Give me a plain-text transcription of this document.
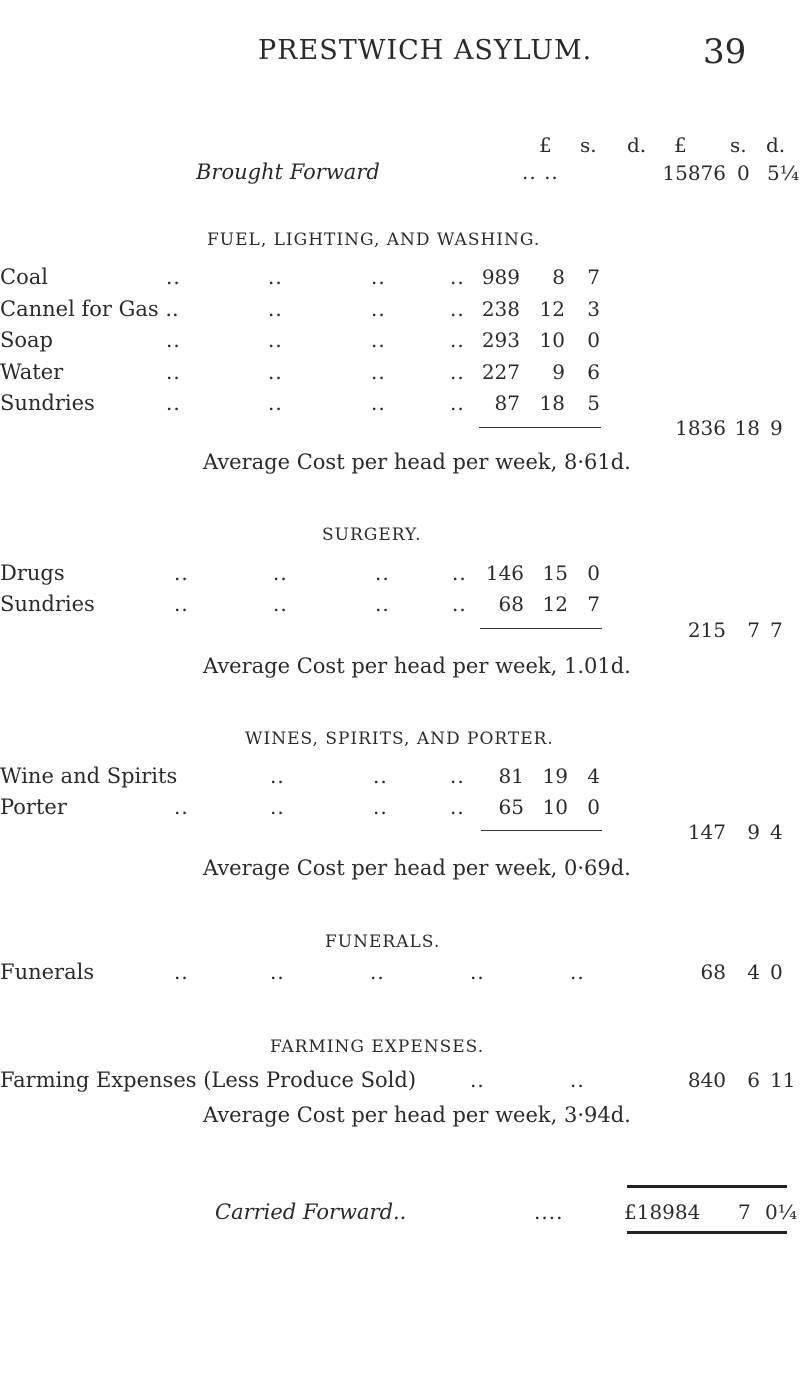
PRESTWICH ASYLUM.	39
£ s. d. £ s. d.
Brought Forward	.. ..	15876 0 5¼
FUEL, LIGHTING, AND WASHING.
Coal	..	..	..	.. 989	8	7
Cannel for Gas ..	..	..	.. 238 12	3
Soap	..	..	..	.. 293 10	0
Water	..	..	..	.. 227	9	6
Sundries	..	..	..	..	87 18	5
1836 18 9
Average Cost per head per week, 8·61d.
SURGERY.
Drugs	..	..	..	.. 146 15 0
Sundries	..	..	..	..	68 12 7
215	7 7
Average Cost per head per week, 1.01d.
WINES, SPIRITS, AND PORTER.
Wine and Spirits	..	..	..	81 19 4
Porter	..	..	..	..	65 10 0
147	9 4
Average Cost per head per week, 0·69d.
FUNERALS.
Funerals	..	..	..	..	..	68	4 0
FARMING EXPENSES.
Farming Expenses (Less Produce Sold)	..	..	840	6 11
Average Cost per head per week, 3·94d.
Carried Forward..	....	£18984 7 0¼
